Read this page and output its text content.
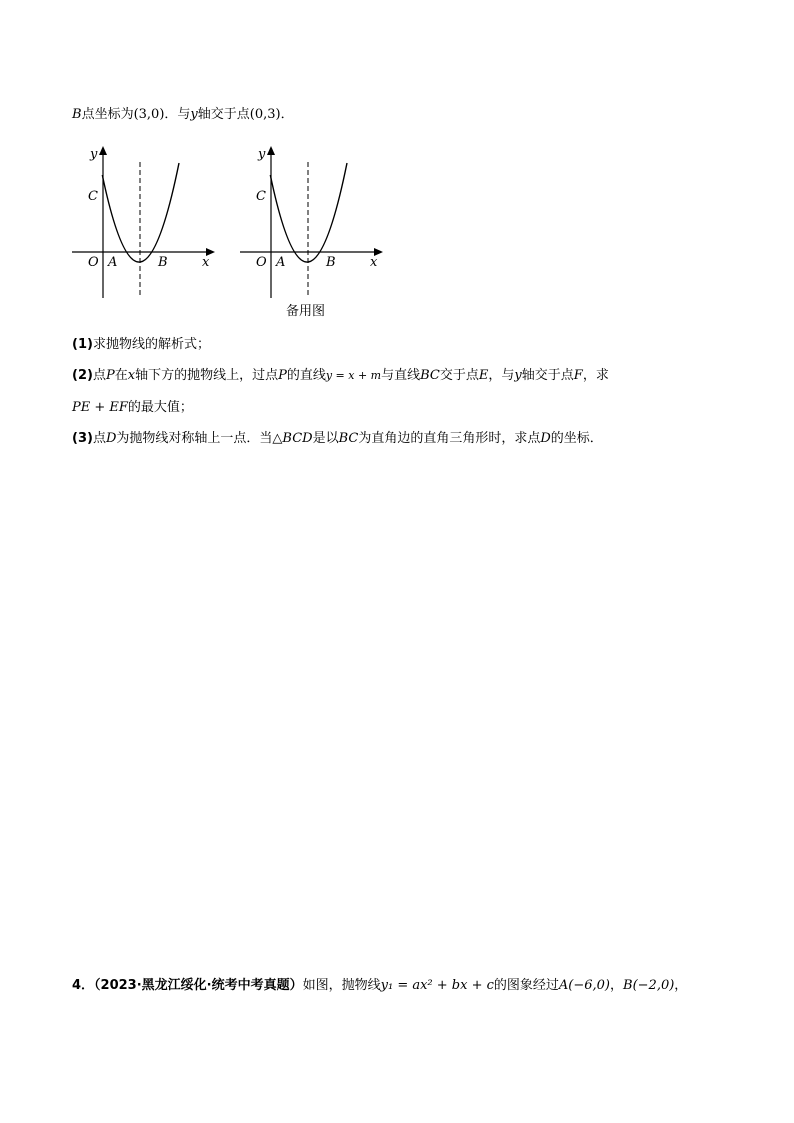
B点坐标为(3,0)．与y轴交于点(0,3)．
y
x
C
O A	B
y
x
C
O A	B
备用图
(1)求抛物线的解析式；
(2)点P在x轴下方的抛物线上，过点P的直线y = x + m与直线BC交于点E，与y轴交于点F，求
PE + EF的最大值；
(3)点D为抛物线对称轴上一点．当△BCD是以BC为直角边的直角三角形时，求点D的坐标．
4．（2023·黑龙江绥化·统考中考真题）如图，抛物线y₁ = ax² + bx + c的图象经过A(−6,0)，B(−2,0)，
